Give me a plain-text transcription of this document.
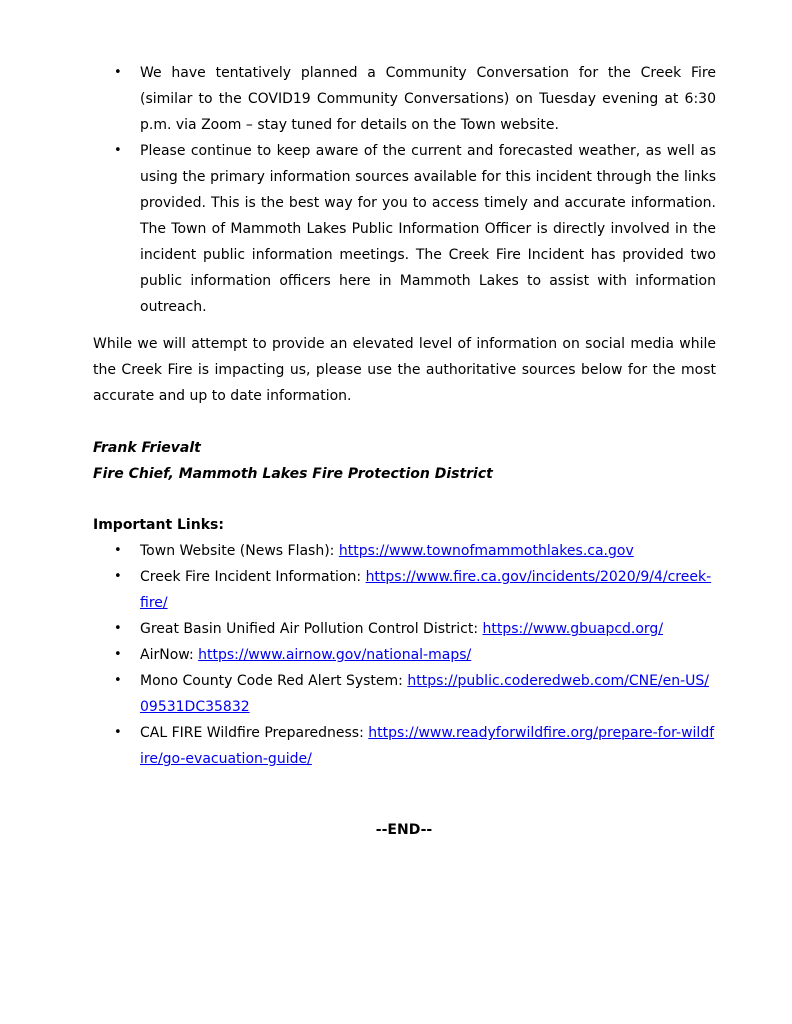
• We have tentatively planned a Community Conversation for the Creek Fire (similar to the COVID19 Community Conversations) on Tuesday evening at 6:30 p.m. via Zoom – stay tuned for details on the Town website.
• Please continue to keep aware of the current and forecasted weather, as well as using the primary information sources available for this incident through the links provided. This is the best way for you to access timely and accurate information. The Town of Mammoth Lakes Public Information Officer is directly involved in the incident public information meetings. The Creek Fire Incident has provided two public information officers here in Mammoth Lakes to assist with information outreach.

While we will attempt to provide an elevated level of information on social media while the Creek Fire is impacting us, please use the authoritative sources below for the most accurate and up to date information.

Frank Frievalt
Fire Chief, Mammoth Lakes Fire Protection District
Important Links:
• Town Website (News Flash): https://www.townofmammothlakes.ca.gov
• Creek Fire Incident Information: https://www.fire.ca.gov/incidents/2020/9/4/creek-fire/
• Great Basin Unified Air Pollution Control District: https://www.gbuapcd.org/
• AirNow: https://www.airnow.gov/national-maps/
• Mono County Code Red Alert System: https://public.coderedweb.com/CNE/en-US/09531DC35832
• CAL FIRE Wildfire Preparedness: https://www.readyforwildfire.org/prepare-for-wildfire/go-evacuation-guide/
--END--
